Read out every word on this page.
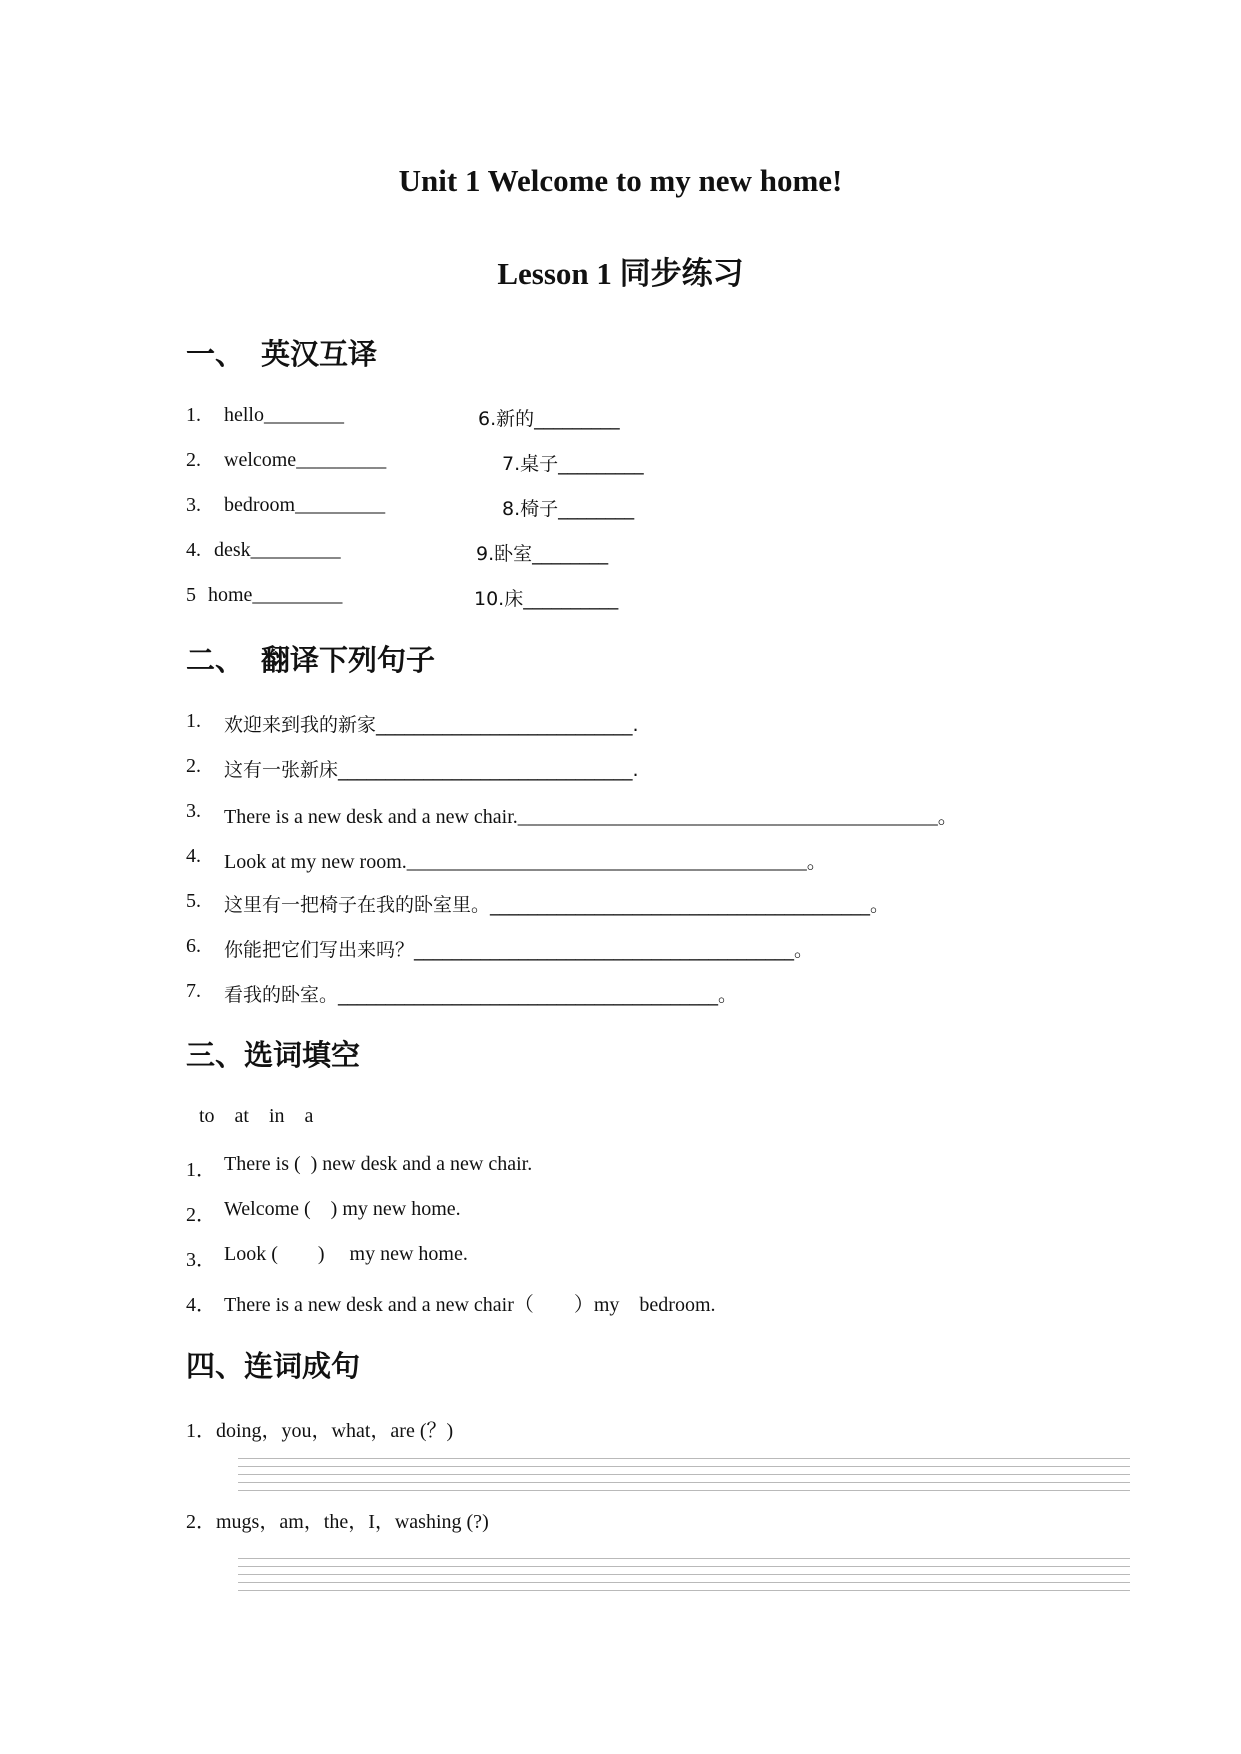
Unit 1 Welcome to my new home!
Lesson 1 同步练习
一、 英汉互译
1. hello________	6.新的_________
2. welcome_________	7.桌子_________
3. bedroom_________	8.椅子________
4. desk_________	9.卧室________
5 home_________	10.床__________
二、 翻译下列句子
1. 欢迎来到我的新家___________________________.
2. 这有一张新床_______________________________.
3. There is a new desk and a new chair.__________________________________________。
4. Look at my new room.________________________________________。
5. 这里有一把椅子在我的卧室里。________________________________________。
6. 你能把它们写出来吗？________________________________________。
7. 看我的卧室。________________________________________。
三、选词填空
to    at    in    a
1． There is (  ) new desk and a new chair.
2． Welcome (    ) my new home.
3． Look (        )     my new home.
4． There is a new desk and a new chair（        ）my    bedroom.
四、连词成句
1．doing，you，what，are (？)
2．mugs，am，the，I，washing (?)
